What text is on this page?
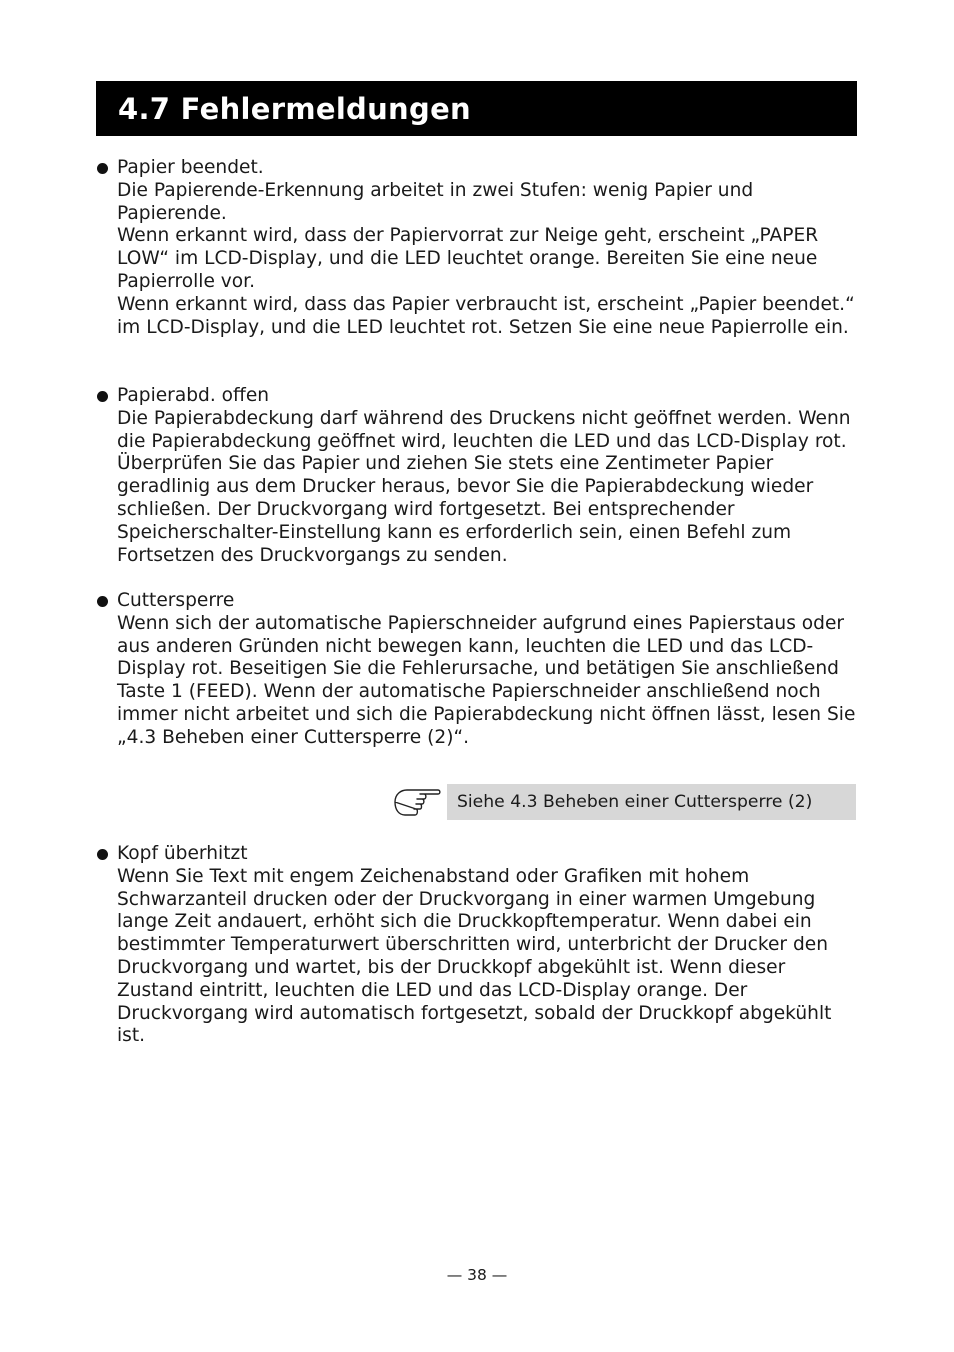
4.7 Fehlermeldungen
Papier beendet.
Die Papierende-Erkennung arbeitet in zwei Stufen: wenig Papier und Papierende.
Wenn erkannt wird, dass der Papiervorrat zur Neige geht, erscheint „PAPER LOW“ im LCD-Display, und die LED leuchtet orange. Bereiten Sie eine neue Papierrolle vor.
Wenn erkannt wird, dass das Papier verbraucht ist, erscheint „Papier beendet.“ im LCD-Display, und die LED leuchtet rot. Setzen Sie eine neue Papierrolle ein.
Papierabd. offen
Die Papierabdeckung darf während des Druckens nicht geöffnet werden. Wenn die Papierabdeckung geöffnet wird, leuchten die LED und das LCD-Display rot. Überprüfen Sie das Papier und ziehen Sie stets eine Zentimeter Papier geradlinig aus dem Drucker heraus, bevor Sie die Papierabdeckung wieder schließen. Der Druckvorgang wird fortgesetzt. Bei entsprechender Speicherschalter-Einstellung kann es erforderlich sein, einen Befehl zum Fortsetzen des Druckvorgangs zu senden.
Cuttersperre
Wenn sich der automatische Papierschneider aufgrund eines Papierstaus oder aus anderen Gründen nicht bewegen kann, leuchten die LED und das LCD-Display rot. Beseitigen Sie die Fehlerursache, und betätigen Sie anschließend Taste 1 (FEED). Wenn der automatische Papierschneider anschließend noch immer nicht arbeitet und sich die Papierabdeckung nicht öffnen lässt, lesen Sie „4.3 Beheben einer Cuttersperre (2)“.
Siehe 4.3 Beheben einer Cuttersperre (2)
Kopf überhitzt
Wenn Sie Text mit engem Zeichenabstand oder Grafiken mit hohem Schwarzanteil drucken oder der Druckvorgang in einer warmen Umgebung lange Zeit andauert, erhöht sich die Druckkopftemperatur. Wenn dabei ein bestimmter Temperaturwert überschritten wird, unterbricht der Drucker den Druckvorgang und wartet, bis der Druckkopf abgekühlt ist. Wenn dieser Zustand eintritt, leuchten die LED und das LCD-Display orange. Der Druckvorgang wird automatisch fortgesetzt, sobald der Druckkopf abgekühlt ist.
— 38 —
